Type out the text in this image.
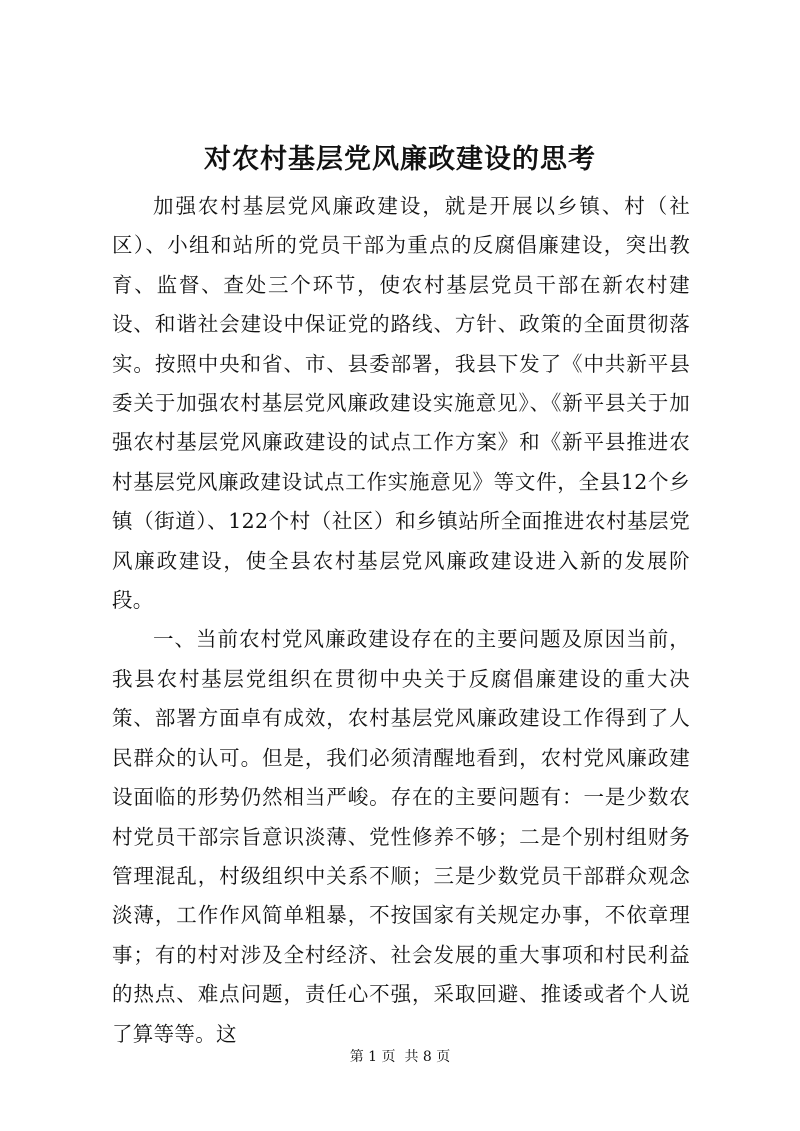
对农村基层党风廉政建设的思考

加强农村基层党风廉政建设，就是开展以乡镇、村（社区）、小组和站所的党员干部为重点的反腐倡廉建设，突出教育、监督、查处三个环节，使农村基层党员干部在新农村建设、和谐社会建设中保证党的路线、方针、政策的全面贯彻落实。按照中央和省、市、县委部署，我县下发了《中共新平县委关于加强农村基层党风廉政建设实施意见》、《新平县关于加强农村基层党风廉政建设的试点工作方案》和《新平县推进农村基层党风廉政建设试点工作实施意见》等文件，全县12个乡镇（街道）、122个村（社区）和乡镇站所全面推进农村基层党风廉政建设，使全县农村基层党风廉政建设进入新的发展阶段。

一、当前农村党风廉政建设存在的主要问题及原因当前，我县农村基层党组织在贯彻中央关于反腐倡廉建设的重大决策、部署方面卓有成效，农村基层党风廉政建设工作得到了人民群众的认可。但是，我们必须清醒地看到，农村党风廉政建设面临的形势仍然相当严峻。存在的主要问题有：一是少数农村党员干部宗旨意识淡薄、党性修养不够；二是个别村组财务管理混乱，村级组织中关系不顺；三是少数党员干部群众观念淡薄，工作作风简单粗暴，不按国家有关规定办事，不依章理事；有的村对涉及全村经济、社会发展的重大事项和村民利益的热点、难点问题，责任心不强，采取回避、推诿或者个人说了算等等。这

第 1 页  共 8 页
